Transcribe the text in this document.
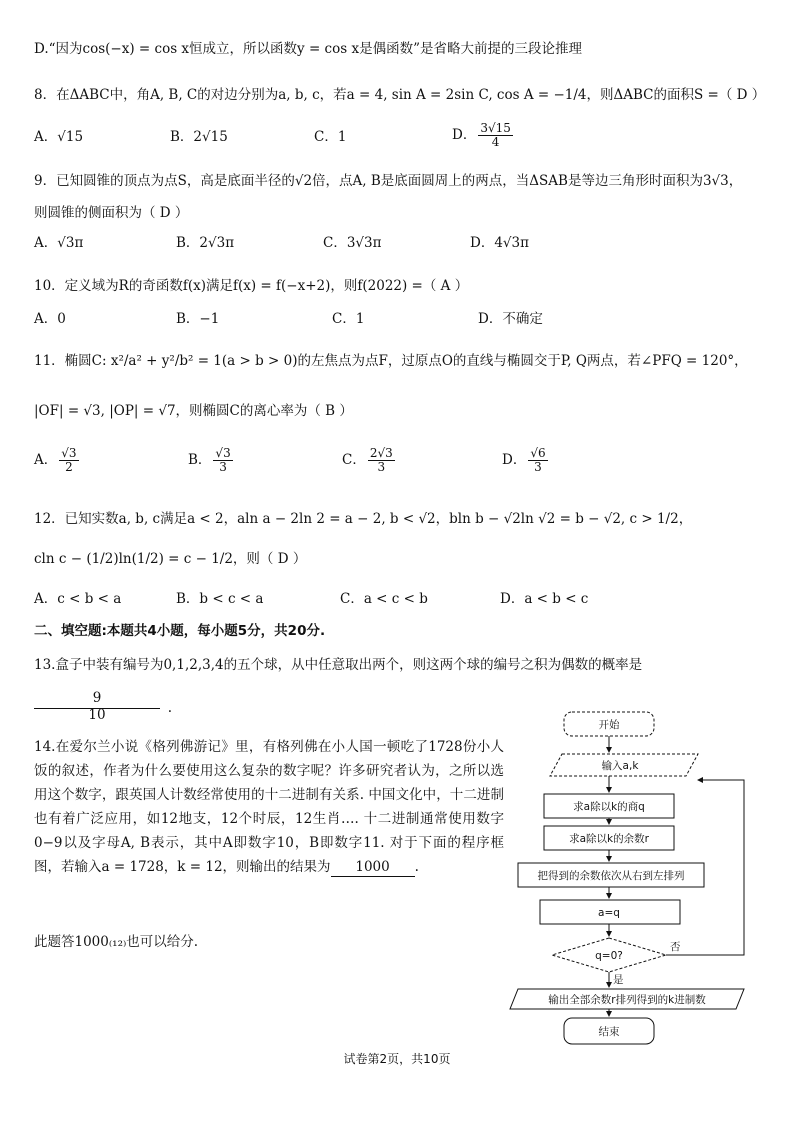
D.“因为cos(−x) = cos x恒成立，所以函数y = cos x是偶函数”是省略大前提的三段论推理
8．在ΔABC中，角A, B, C的对边分别为a, b, c，若a = 4, sin A = 2sin C, cos A = −1/4，则ΔABC的面积S =（ D ）
A．√15	B．2√15	C．1	D． $\frac{3√15}{4}$
9．已知圆锥的顶点为点S，高是底面半径的√2倍，点A, B是底面圆周上的两点，当ΔSAB是等边三角形时面积为3√3，
则圆锥的侧面积为（ D ）
A．√3π	B．2√3π	C．3√3π	D．4√3π
10．定义域为R的奇函数f(x)满足f(x) = f(−x+2)，则f(2022) =（ A ）
A．0	B．−1	C．1	D．不确定
11．椭圆C: x²/a² + y²/b² = 1(a > b > 0)的左焦点为点F，过原点O的直线与椭圆交于P, Q两点，若∠PFQ = 120°，
|OF| = √3, |OP| = √7，则椭圆C的离心率为（ B ）
A． $\frac{√3}{2}$	B． $\frac{√3}{3}$	C． $\frac{2√3}{3}$	D． $\frac{√6}{3}$
12．已知实数a, b, c满足a < 2，aln a − 2ln 2 = a − 2, b < √2，bln b − √2ln √2 = b − √2, c > 1/2，
cln c − (1/2)ln(1/2) = c − 1/2，则（ D ）
A．c < b < a	B．b < c < a	C．a < c < b	D．a < b < c
二、填空题:本题共4小题，每小题5分，共20分.
13.盒子中装有编号为0,1,2,3,4的五个球，从中任意取出两个，则这两个球的编号之积为偶数的概率是
9
10	.

14.在爱尔兰小说《格列佛游记》里，有格列佛在小人国一顿吃了1728份小人饭的叙述，作者为什么要使用这么复杂的数字呢？许多研究者认为，之所以选用这个数字，跟英国人计数经常使用的十二进制有关系. 中国文化中，十二进制也有着广泛应用，如12地支，12个时辰，12生肖…. 十二进制通常使用数字0−9以及字母A, B表示，其中A即数字10，B即数字11. 对于下面的程序框图，若输入a = 1728，k = 12，则输出的结果为 1000 .

此题答1000₍₁₂₎也可以给分.
开始
输入a,k
求a除以k的商q
求a除以k的余数r
把得到的余数依次从右到左排列
a=q
q=0?
否
是
输出全部余数r排列得到的k进制数
结束
试卷第2页，共10页
